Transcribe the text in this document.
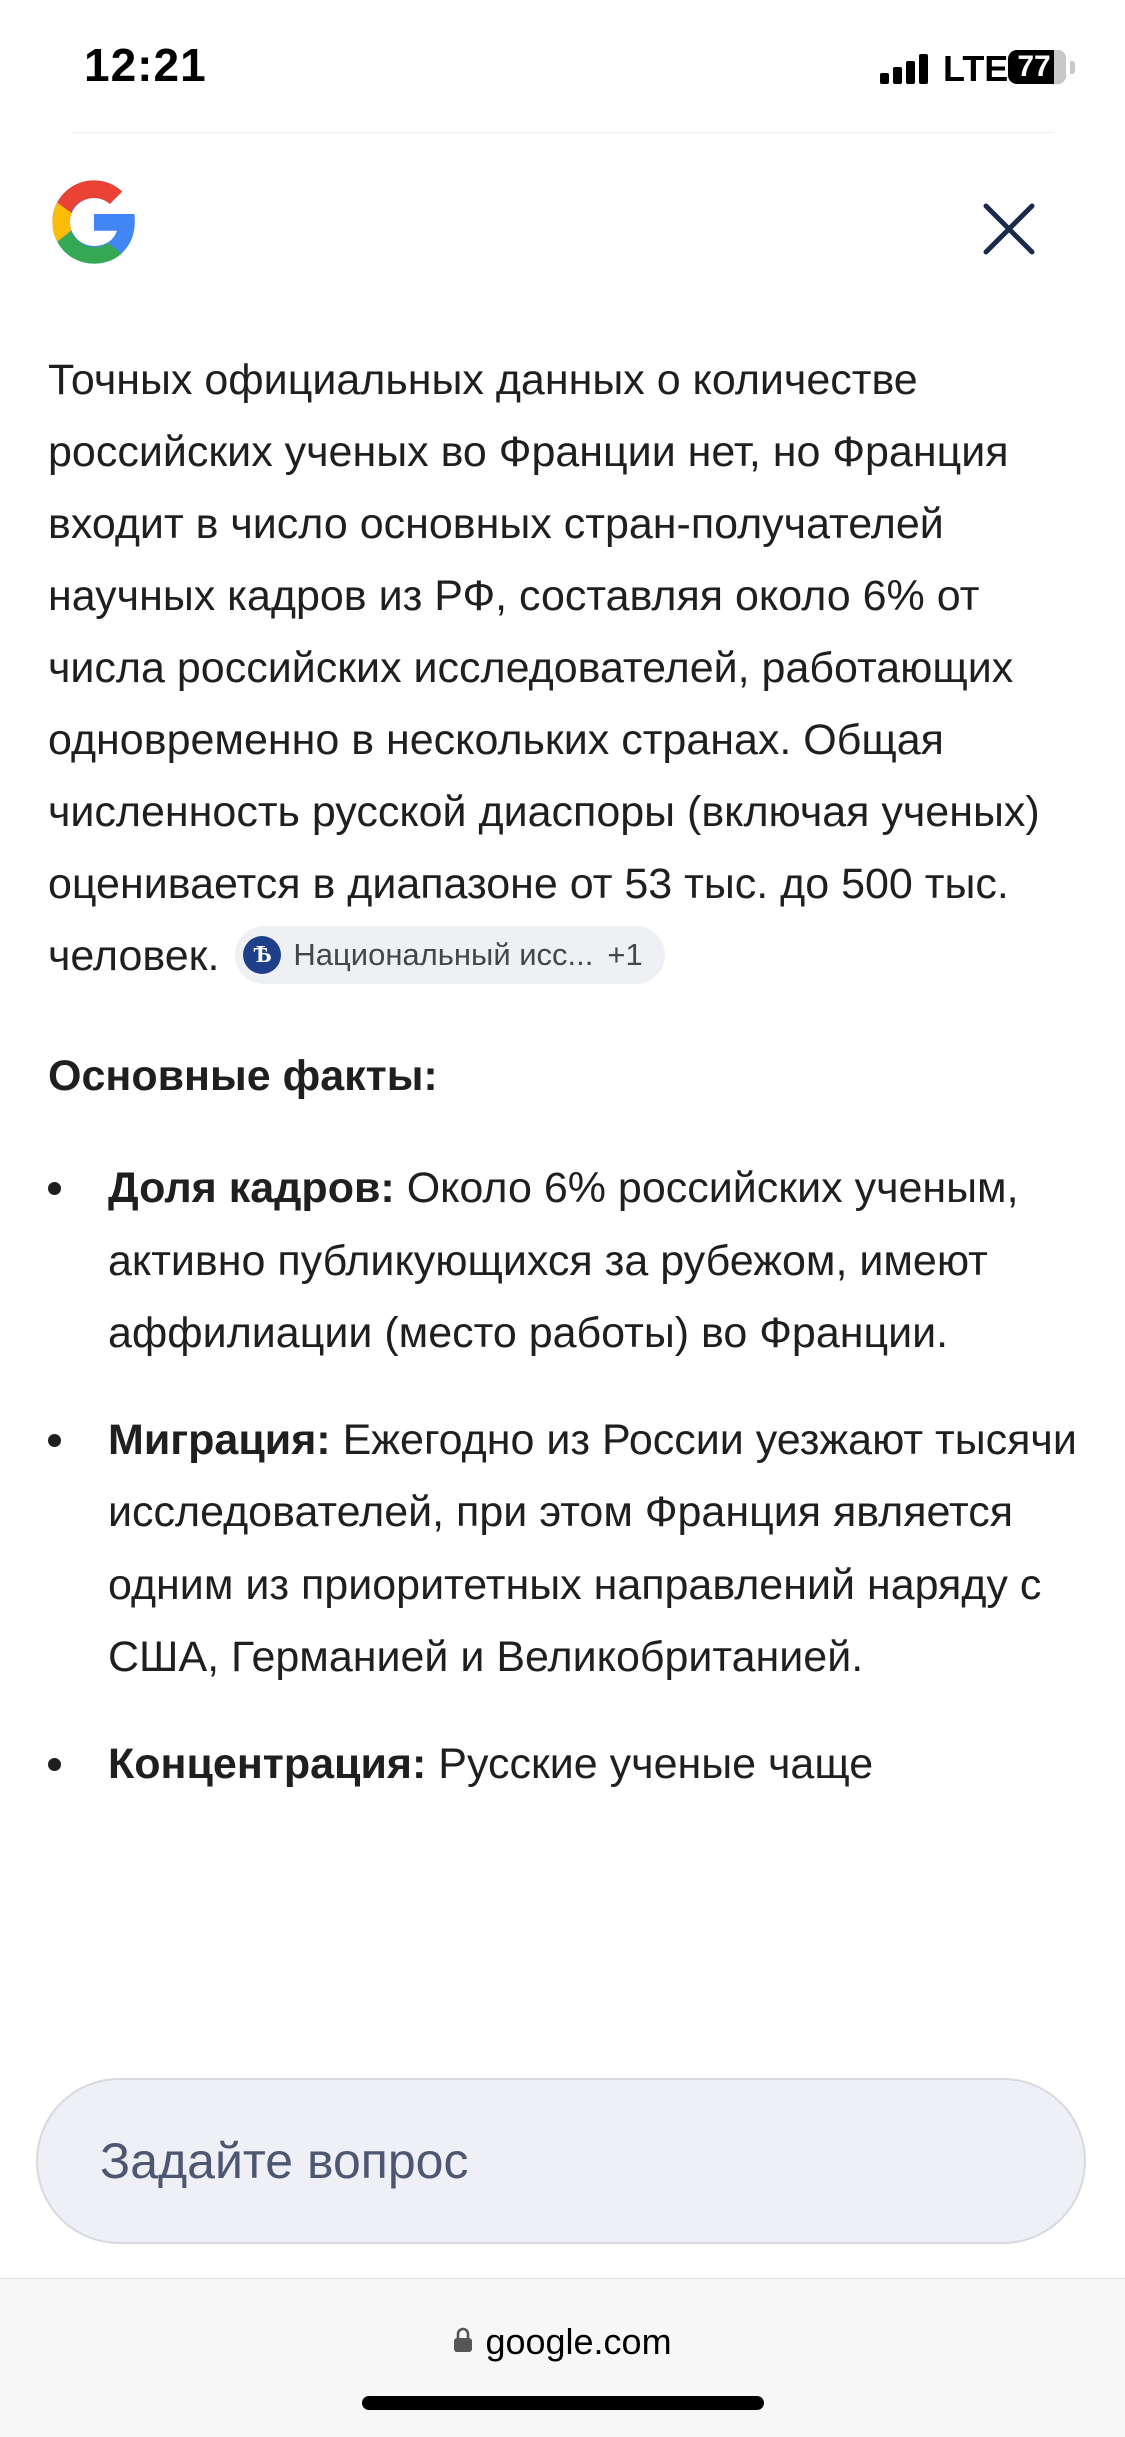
12:21	LTE 77

Точных официальных данных о количестве российских ученых во Франции нет, но Франция входит в число основных стран-получателей научных кадров из РФ, составляя около 6% от числа российских исследователей, работающих одновременно в нескольких странах. Общая численность русской диаспоры (включая ученых) оценивается в диапазоне от 53 тыс. до 500 тыс. человек.	Ѣ Национальный исс... +1

Основные факты:
Доля кадров: Около 6% российских ученым, активно публикующихся за рубежом, имеют аффилиации (место работы) во Франции.
Миграция: Ежегодно из России уезжают тысячи исследователей, при этом Франция является одним из приоритетных направлений наряду с США, Германией и Великобританией.
Концентрация: Русские ученые чаще
Задайте вопрос
google.com
